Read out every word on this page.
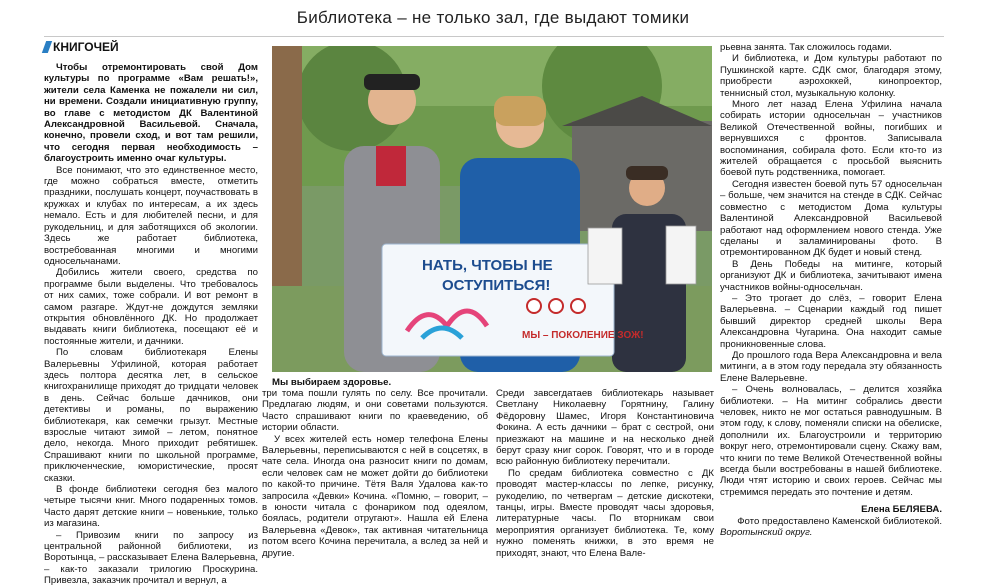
Библиотека – не только зал, где выдают томики
КНИГОЧЕЙ

Чтобы отремонтировать свой Дом культуры по программе «Вам решать!», жители села Каменка не пожалели ни сил, ни времени. Создали инициативную группу, во главе с методистом ДК Валентиной Александровной Васильевой. Сначала, конечно, провели сход, и вот там решили, что сегодня первая необходимость – благоустроить именно очаг культуры.

Все понимают, что это единственное место, где можно собраться вместе, отметить праздники, послушать концерт, поучаствовать в кружках и клубах по интересам, а их здесь немало. Есть и для любителей песни, и для рукодельниц, и для заботящихся об экологии. Здесь же работает библиотека, востребованная многими и многими односельчанами.

Добились жители своего, средства по программе были выделены. Что требовалось от них самих, тоже собрали. И вот ремонт в самом разгаре. Ждут-не дождутся земляки открытия обновлённого ДК. Но продолжает выдавать книги библиотека, посещают её и постоянные жители, и дачники.

По словам библиотекаря Елены Валерьевны Уфилиной, которая работает здесь полтора десятка лет, в сельское книгохранилище приходят до тридцати человек в день. Сейчас больше дачников, они детективы и романы, по выражению библиотекаря, как семечки грызут. Местные взрослые читают зимой – летом, понятное дело, некогда. Много приходит ребятишек. Спрашивают книги по школьной программе, приключенческие, юмористические, просят сказки.

В фонде библиотеки сегодня без малого четыре тысячи книг. Много подаренных томов. Часто дарят детские книги – новенькие, только из магазина.

– Привозим книги по запросу из центральной районной библиотеки, из Воротынца, – рассказывает Елена Валерьевна, – как-то заказали трилогию Проскурина. Привезла, заказчик прочитал и вернул, а

НАТЬ, ЧТОБЫ НЕ
ОСТУПИТЬСЯ!
МЫ – ПОКОЛЕНИЕ ЗОЖ!
Мы выбираем здоровье.

три тома пошли гулять по селу. Все прочитали. Предлагаю людям, и они советами пользуются. Часто спрашивают книги по краеведению, об истории области.

У всех жителей есть номер телефона Елены Валерьевны, переписываются с ней в соцсетях, в чате села. Иногда она разносит книги по домам, если человек сам не может дойти до библиотеки по какой-то причине. Тётя Валя Удалова как-то запросила «Девки» Кочина. «Помню, – говорит, – в юности читала с фонариком под одеялом, боялась, родители отругают». Нашла ей Елена Валерьевна «Девок», так активная читательница потом всего Кочина перечитала, а вслед за ней и другие.

Среди завсегдатаев библиотекарь называет Светлану Николаевну Горятнину, Галину Фёдоровну Шамес, Игоря Константиновича Фокина. А есть дачники – брат с сестрой, они приезжают на машине и на несколько дней берут сразу книг сорок. Говорят, что и в городе всю районную библиотеку перечитали.

По средам библиотека совместно с ДК проводят мастер-классы по лепке, рисунку, рукоделию, по четвергам – детские дискотеки, танцы, игры. Вместе проводят часы здоровья, литературные часы. По вторникам свои мероприятия организует библиотека. Те, кому нужно поменять книжки, в это время не приходят, знают, что Елена Вале-

рьевна занята. Так сложилось годами.

И библиотека, и Дом культуры работают по Пушкинской карте. СДК смог, благодаря этому, приобрести аэрохоккей, кинопроектор, теннисный стол, музыкальную колонку.

Много лет назад Елена Уфилина начала собирать истории односельчан – участников Великой Отечественной войны, погибших и вернувшихся с фронтов. Записывала воспоминания, собирала фото. Если кто-то из жителей обращается с просьбой выяснить боевой путь родственника, помогает.

Сегодня известен боевой путь 57 односельчан – больше, чем значится на стенде в СДК. Сейчас совместно с методистом Дома культуры Валентиной Александровной Васильевой работают над оформлением нового стенда. Уже сделаны и заламинированы фото. В отремонтированном ДК будет и новый стенд.

В День Победы на митинге, который организуют ДК и библиотека, зачитывают имена участников войны-односельчан.

– Это трогает до слёз, – говорит Елена Валерьевна. – Сценарии каждый год пишет бывший директор средней школы Вера Александровна Чугарина. Она находит самые проникновенные слова.

До прошлого года Вера Александровна и вела митинги, а в этом году передала эту обязанность Елене Валерьевне.

– Очень волновалась, – делится хозяйка библиотеки. – На митинг собрались двести человек, никто не мог остаться равнодушным. В этом году, к слову, поменяли списки на обелиске, дополнили их. Благоустроили и территорию вокруг него, отремонтировали сцену. Скажу вам, что книги по теме Великой Отечественной войны всегда были востребованы в нашей библиотеке. Люди чтят историю и своих героев. Сейчас мы стремимся передать это почтение и детям.

Елена БЕЛЯЕВА.

Фото предоставлено Каменской библиотекой.

Воротынский округ.
